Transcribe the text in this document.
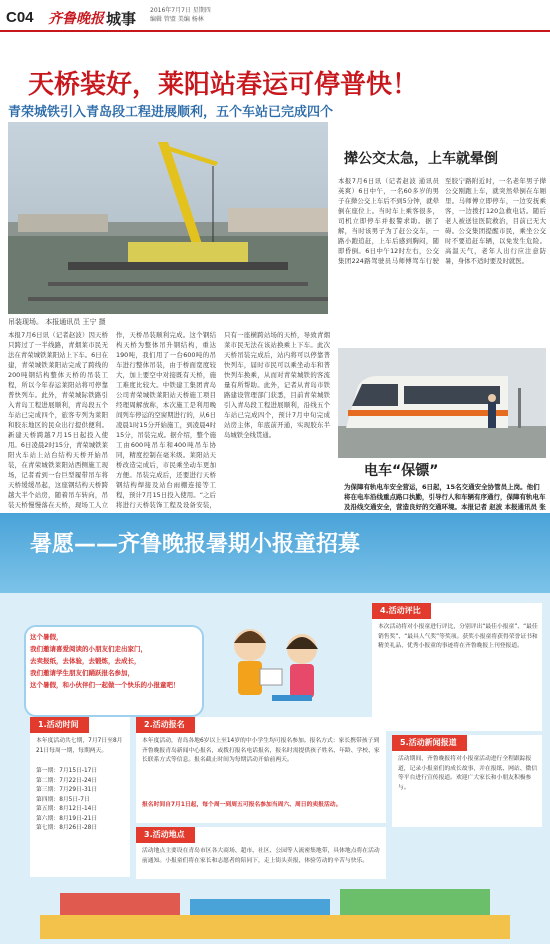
C04 齐鲁晚报 城事 2016年7月7日 星期四
编辑 管盟 美编 杨林
天桥装好，莱阳站春运可停普快！
青荣城铁引入青岛段工程进展顺利，五个车站已完成四个
吊装现场。 本报通讯员 王宁 摄
本报7月6日讯（记者赵波）因天桥只跨过了一半线路，青烟莱市民无法在青荣城铁莱阳站上下车。6日在建，青荣城铁莱阳站完成了跨线的200吨钢结构整体天桥的吊装工程，所以今年春运莱阳站将可停靠普快列车。此外，青荣城际铁路引入青岛工程进展顺利，青岛段五个车站已完成四个，旅客专列为莱阳和胶东地区的民众出行提供便利。新建天桥跨越7月15日起投入使用。6日凌晨2时15分，青荣城铁莱阳火车站上站台结构天桥开始吊装，在青荣城铁莱阳站西侧施工现场，记者看到一台巨型履带吊车将天桥缓缓吊起，这座钢结构天桥跨越大半个站房，随着吊车转向，吊装天桥慢慢落在天桥，现场工人立
作，天桥吊装顺利完成。这个钢结构天桥为整体吊升钢结构，重达190吨，我们用了一台600吨的吊车进行整体吊装，由于桥面宽度较大，加上要空中对接既有天桥，施工难度比较大。中铁建工集团青岛公司青荣城铁莱阳站天桥施工项目经理周解放称，本次施工是利用晚间列车停运的空窗期进行的，从6日凌晨1时15分开始施工，到凌晨4时15分，吊装完成。据介绍，整个施工由600吨吊车和400吨吊车协同，精度控制在毫米级。莱阳站天桥改造完成后，市民乘坐动车更加方便。吊装完成后，还要进行天桥钢结构焊接及站台雨棚连接等工程，预计7月15日投入使用。“之后将进行天桥装饰工程及设备安装，
只有一座横跨站场的天桥，导致青烟莱市民无法在该站换乘上下车。此次天桥吊装完成后，站内将可以停靠普快列车，届时市民可以乘坐动车和普快列车换乘，从而对青荣城铁的客流量有所帮助。此外，记者从青岛市铁路建设管理部门获悉，目前青荣城铁引入青岛段工程进展顺利，沿线五个车站已完成四个，预计7月中旬完成站房主体，年底前开通，实现胶东半岛城铁全线贯通。
撵公交太急，上车就晕倒
本报7月6日讯（记者赵波 通讯员 英爽）6日中午，一名60多岁的男子在撵公交上车后不到5分钟，就晕倒在座位上。当时车上乘客很多，司机立即停车并报警求助。据了解，当时该男子为了赶公交车，一路小跑追赶，上车后感到胸闷，随即昏倒。6日中午12时左右，公交集团224路驾驶员马师傅驾车行驶至胶宁路附近时，一名老年男子撵公交刚跑上车，就突然晕倒在车厢里。马师傅立即停车，一边安抚乘客，一边拨打120急救电话。随后老人被送往医院救治，目前已无大碍。公交集团提醒市民，乘坐公交时不要追赶车辆，以免发生危险。高温天气，老年人出行应注意防暑，身体不适时要及时就医。
电车“保镖”
为保障有轨电车安全营运，6日起，15名交通安全协管员上岗。他们将在电车沿线重点路口执勤，引导行人和车辆有序通行，保障有轨电车及沿线交通安全，营造良好的交通环境。本报记者 赵波 本报通讯员 张
暑愿——齐鲁晚报暑期小报童招募
这个暑假，
我们邀请喜爱阅读的小朋友们走出家门，
去卖报纸，去体验，去锻炼，去成长，
我们邀请学生朋友们踊跃报名参加，
这个暑假，和小伙伴们一起做一个快乐的小报童吧！
1.活动时间
本年度活动共七期，7月7日至8月21日每周一期，每期两天。
第一期：7月15日-17日
第二期：7月22日-24日
第三期：7月29日-31日
第四期：8月5日-7日
第五期：8月12日-14日
第六期：8月19日-21日
第七期：8月26日-28日
2.活动报名
本年度活动，青岛各地6岁以上至14岁的中小学生均可报名参加。报名方式：家长携带孩子到齐鲁晚报青岛新闻中心报名，或拨打报名电话报名，报名时需提供孩子姓名、年龄、学校、家长联系方式等信息。报名截止时间为每期活动开始前两天。
报名时间自7月1日起，每个周一到周五可报名参加当周六、周日的卖报活动。
3.活动地点
活动地点主要设在青岛市区各大商场、超市、社区、公园等人流密集地带，具体地点将在活动前通知。小报童们将在家长和志愿者的陪同下，走上街头卖报，体验劳动的辛苦与快乐。
4.活动评比
本次活动将对小报童进行评比，分别评出“最佳小报童”、“最佳销售奖”、“最具人气奖”等奖项。获奖小报童将获得荣誉证书和精美礼品，优秀小报童的事迹将在齐鲁晚报上刊登报道。
5.活动新闻报道
活动期间，齐鲁晚报将对小报童活动进行全程跟踪报道，记录小报童们的成长故事，并在报纸、网站、微信等平台进行宣传报道。欢迎广大家长和小朋友积极参与。
